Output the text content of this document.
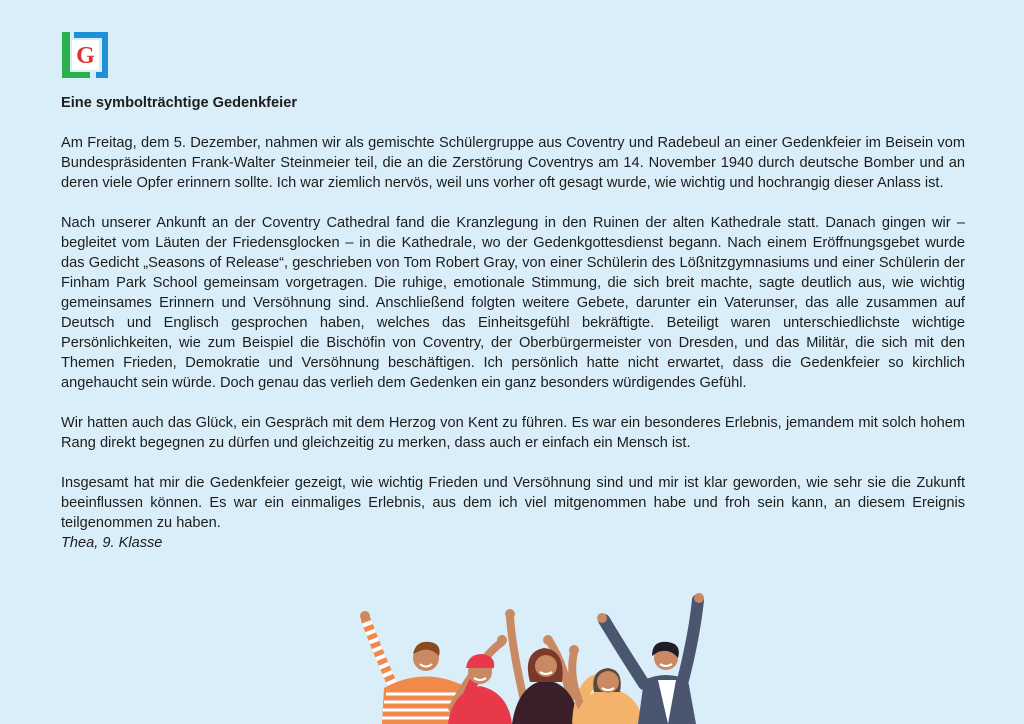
G

Eine symbolträchtige Gedenkfeier

Am Freitag, dem 5. Dezember, nahmen wir als gemischte Schülergruppe aus Coventry und Radebeul an einer Gedenkfeier im Beisein vom Bundespräsidenten Frank-Walter Steinmeier teil, die an die Zerstörung Coventrys am 14. November 1940 durch deutsche Bomber und an deren viele Opfer erinnern sollte. Ich war ziemlich nervös, weil uns vorher oft gesagt wurde, wie wichtig und hochrangig dieser Anlass ist.

Nach unserer Ankunft an der Coventry Cathedral fand die Kranzlegung in den Ruinen der alten Kathedrale statt. Danach gingen wir – begleitet vom Läuten der Friedensglocken – in die Kathedrale, wo der Gedenkgottesdienst begann. Nach einem Eröffnungsgebet wurde das Gedicht „Seasons of Release“, geschrieben von Tom Robert Gray, von einer Schülerin des Lößnitzgymnasiums und einer Schülerin der Finham Park School gemeinsam vorgetragen. Die ruhige, emotionale Stimmung, die sich breit machte, sagte deutlich aus, wie wichtig gemeinsames Erinnern und Versöhnung sind. Anschließend folgten weitere Gebete, darunter ein Vaterunser, das alle zusammen auf Deutsch und Englisch gesprochen haben, welches das Einheitsgefühl bekräftigte. Beteiligt waren unterschiedlichste wichtige Persönlichkeiten, wie zum Beispiel die Bischöfin von Coventry, der Oberbürgermeister von Dresden, und das Militär, die sich mit den Themen Frieden, Demokratie und Versöhnung beschäftigen. Ich persönlich hatte nicht erwartet, dass die Gedenkfeier so kirchlich angehaucht sein würde. Doch genau das verlieh dem Gedenken ein ganz besonders würdigendes Gefühl.

Wir hatten auch das Glück, ein Gespräch mit dem Herzog von Kent zu führen. Es war ein besonderes Erlebnis, jemandem mit solch hohem Rang direkt begegnen zu dürfen und gleichzeitig zu merken, dass auch er einfach ein Mensch ist.

Insgesamt hat mir die Gedenkfeier gezeigt, wie wichtig Frieden und Versöhnung sind und mir ist klar geworden, wie sehr sie die Zukunft beeinflussen können. Es war ein einmaliges Erlebnis, aus dem ich viel mitgenommen habe und froh sein kann, an diesem Ereignis teilgenommen zu haben.

Thea, 9. Klasse
